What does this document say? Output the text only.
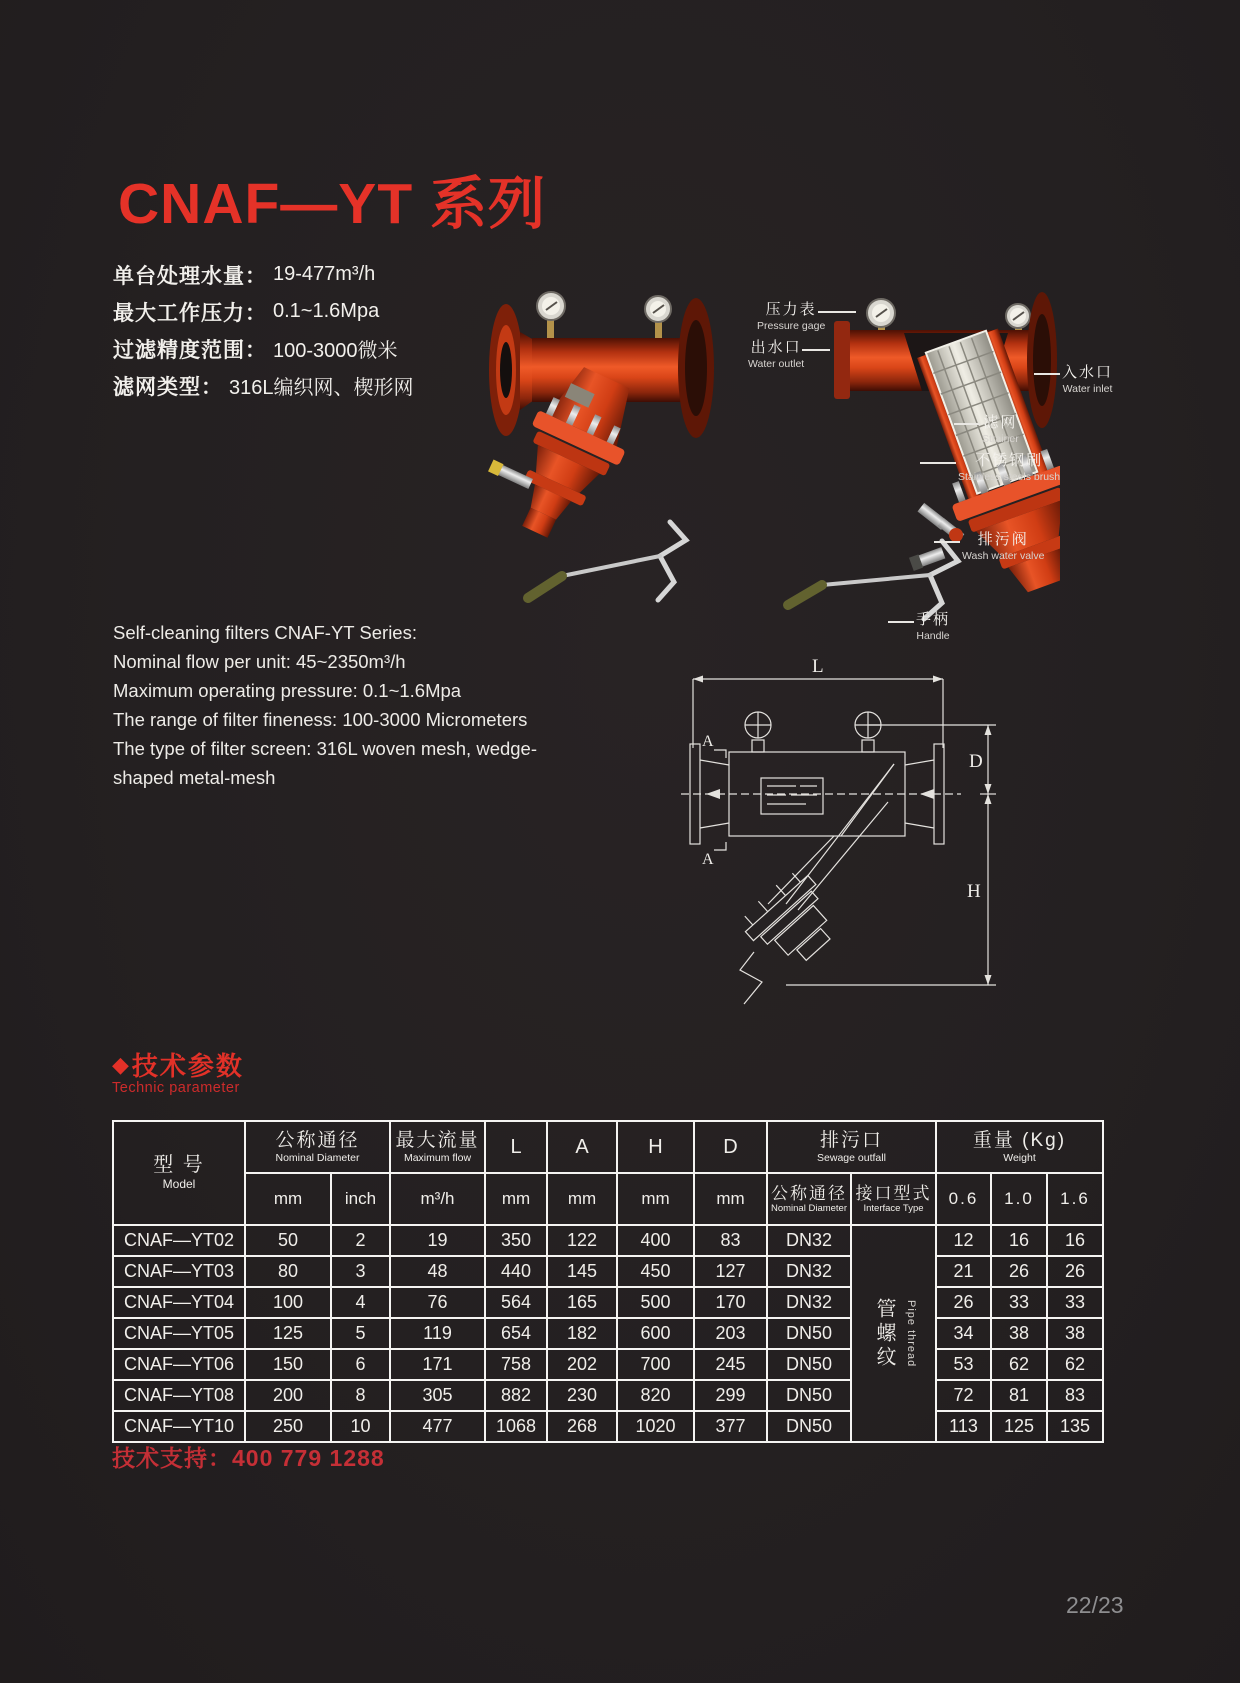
CNAF—YT 系列
单台处理水量： 19-477m³/h
最大工作压力： 0.1~1.6Mpa
过滤精度范围： 100-3000微米
滤网类型： 316L编织网、楔形网
Self-cleaning filters CNAF-YT Series:
Nominal flow per unit: 45~2350m³/h
Maximum operating pressure: 0.1~1.6Mpa
The range of filter fineness: 100-3000 Micrometers
The type of filter screen: 316L woven mesh, wedge-
shaped metal-mesh
压力表
Pressure gage
出水口
Water outlet	入水口
Water inlet
滤网
Strainer
不锈钢刷
Stainless steels brush
排污阀
Wash water valve
手柄
Handle
L
A
A
D
H
◆ 技术参数
Technic parameter
型 号
Model	公称通径
Nominal Diameter		最大流量
Maximum flow	L	A	H	D	排污口
Sewage outfall		重量 (Kg)
Weight		

	mm	inch	m³/h	mm	mm	mm	mm	公称通径
Nominal Diameter	接口型式
Interface Type	0.6	1.0	1.6
CNAF—YT02	50	2	19	350	122	400	83	DN32	管螺纹 Pipe thread	12	16	16
CNAF—YT03	80	3	48	440	145	450	127	DN32		21	26	26
CNAF—YT04	100	4	76	564	165	500	170	DN32		26	33	33
CNAF—YT05	125	5	119	654	182	600	203	DN50		34	38	38
CNAF—YT06	150	6	171	758	202	700	245	DN50		53	62	62
CNAF—YT08	200	8	305	882	230	820	299	DN50		72	81	83
CNAF—YT10	250	10	477	1068	268	1020	377	DN50		113	125	135
技术支持：400 779 1288
22/23
